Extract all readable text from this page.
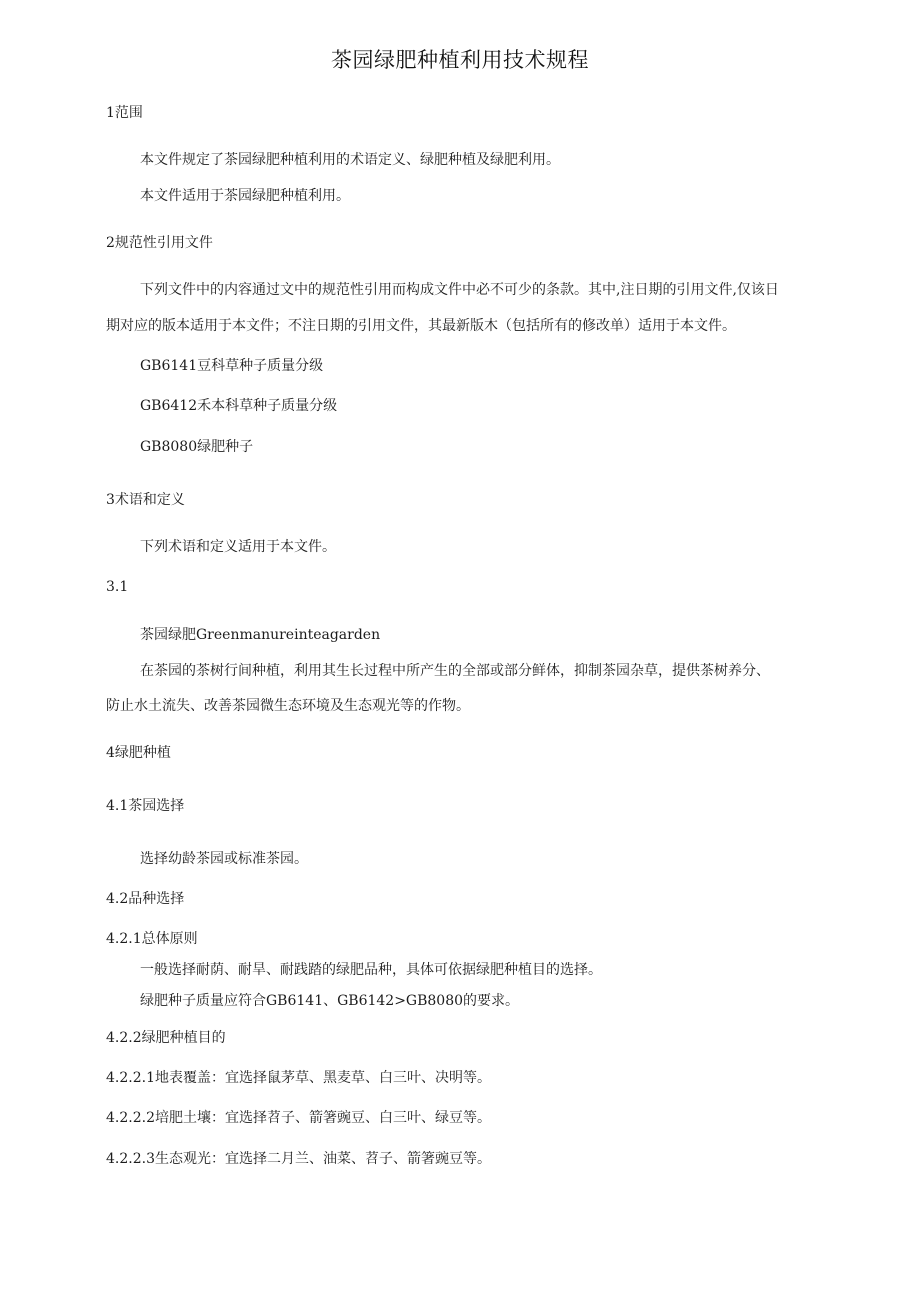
茶园绿肥种植利用技术规程
1范围
本文件规定了茶园绿肥种植利用的术语定义、绿肥种植及绿肥利用。
本文件适用于茶园绿肥种植利用。
2规范性引用文件
下列文件中的内容通过文中的规范性引用而构成文件中必不可少的条款。其中,注日期的引用文件,仅该日
期对应的版本适用于本文件；不注日期的引用文件，其最新版木（包括所有的修改单）适用于本文件。
GB6141豆科草种子质量分级
GB6412禾本科草种子质量分级
GB8080绿肥种子
3术语和定义
下列术语和定义适用于本文件。
3.1
茶园绿肥Greenmanureinteagarden
在茶园的茶树行间种植，利用其生长过程中所产生的全部或部分鲜体，抑制茶园杂草，提供茶树养分、
防止水土流失、改善茶园微生态环境及生态观光等的作物。
4绿肥种植
4.1茶园选择
选择幼龄茶园或标准茶园。
4.2品种选择
4.2.1总体原则
一般选择耐荫、耐旱、耐践踏的绿肥品种，具体可依据绿肥种植目的选择。
绿肥种子质量应符合GB6141、GB6142>GB8080的要求。
4.2.2绿肥种植目的
4.2.2.1地表覆盖：宜选择鼠茅草、黑麦草、白三叶、决明等。
4.2.2.2培肥土壤：宜选择苕子、箭箸豌豆、白三叶、绿豆等。
4.2.2.3生态观光：宜选择二月兰、油菜、苕子、箭箸豌豆等。
